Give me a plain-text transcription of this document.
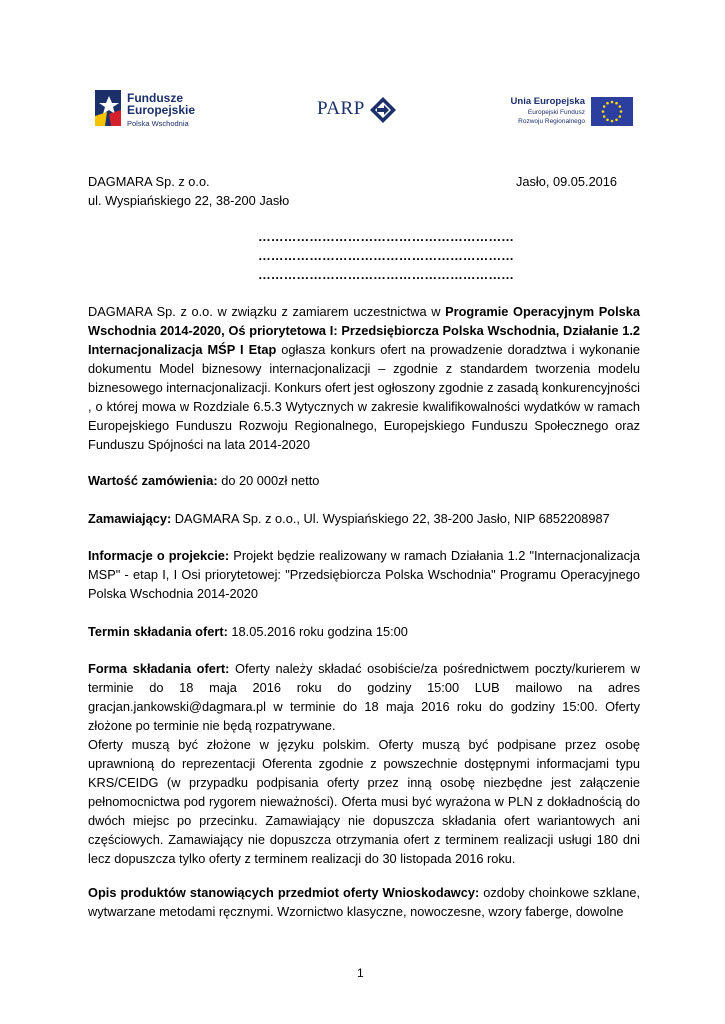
Fundusze
Europejskie
Polska Wschodnia
PARP	Unia Europejska
Europejski Fundusz
Rozwoju Regionalnego
DAGMARA Sp. z o.o.
ul. Wyspiańskiego 22, 38-200 Jasło
Jasło, 09.05.2016
……………………………………………………
……………………………………………………
……………………………………………………

DAGMARA Sp. z o.o. w związku z zamiarem uczestnictwa w Programie Operacyjnym Polska Wschodnia 2014-2020, Oś priorytetowa I: Przedsiębiorcza Polska Wschodnia, Działanie 1.2 Internacjonalizacja MŚP I Etap ogłasza konkurs ofert na prowadzenie doradztwa i wykonanie dokumentu Model biznesowy internacjonalizacji – zgodnie z standardem tworzenia modelu biznesowego internacjonalizacji. Konkurs ofert jest ogłoszony zgodnie z zasadą konkurencyjności , o której mowa w Rozdziale 6.5.3 Wytycznych w zakresie kwalifikowalności wydatków w ramach Europejskiego Funduszu Rozwoju Regionalnego, Europejskiego Funduszu Społecznego oraz Funduszu Spójności na lata 2014-2020

Wartość zamówienia: do 20 000zł netto

Zamawiający: DAGMARA Sp. z o.o., Ul. Wyspiańskiego 22, 38-200 Jasło, NIP 6852208987

Informacje o projekcie: Projekt będzie realizowany w ramach Działania 1.2 "Internacjonalizacja MSP" - etap I, I Osi priorytetowej: "Przedsiębiorcza Polska Wschodnia" Programu Operacyjnego Polska Wschodnia 2014-2020

Termin składania ofert: 18.05.2016 roku godzina 15:00

Forma składania ofert: Oferty należy składać osobiście/za pośrednictwem poczty/kurierem w terminie do 18 maja 2016 roku do godziny 15:00 LUB mailowo na adres gracjan.jankowski@dagmara.pl w terminie do 18 maja 2016 roku do godziny 15:00. Oferty złożone po terminie nie będą rozpatrywane.

Oferty muszą być złożone w języku polskim. Oferty muszą być podpisane przez osobę uprawnioną do reprezentacji Oferenta zgodnie z powszechnie dostępnymi informacjami typu KRS/CEIDG (w przypadku podpisania oferty przez inną osobę niezbędne jest załączenie pełnomocnictwa pod rygorem nieważności). Oferta musi być wyrażona w PLN z dokładnością do dwóch miejsc po przecinku. Zamawiający nie dopuszcza składania ofert wariantowych ani częściowych. Zamawiający nie dopuszcza otrzymania ofert z terminem realizacji usługi 180 dni lecz dopuszcza tylko oferty z terminem realizacji do 30 listopada 2016 roku.

Opis produktów stanowiących przedmiot oferty Wnioskodawcy: ozdoby choinkowe szklane, wytwarzane metodami ręcznymi. Wzornictwo klasyczne, nowoczesne, wzory faberge, dowolne

1
